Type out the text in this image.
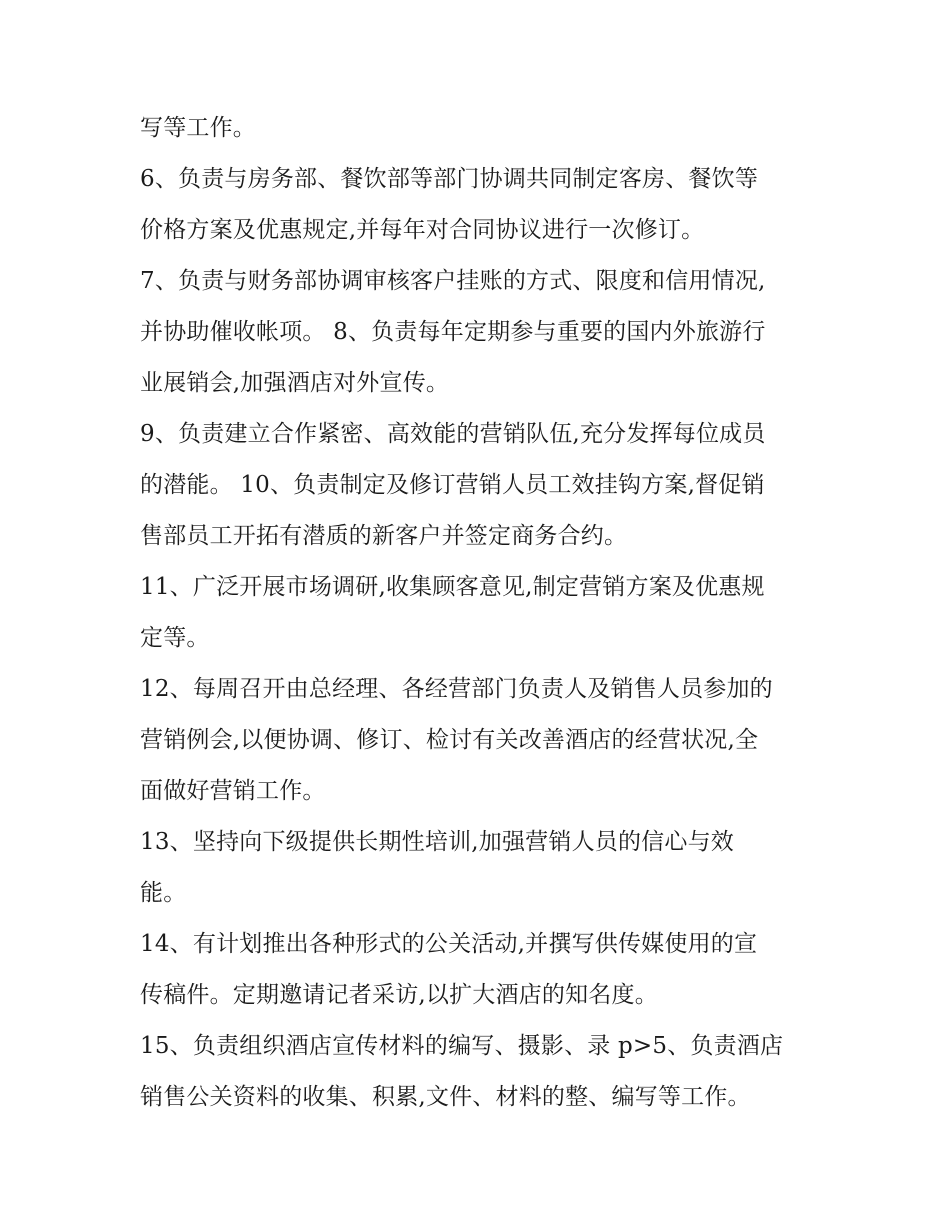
写等工作。
6、负责与房务部、餐饮部等部门协调共同制定客房、餐饮等
价格方案及优惠规定,并每年对合同协议进行一次修订。
7、负责与财务部协调审核客户挂账的方式、限度和信用情况,
并协助催收帐项。 8、负责每年定期参与重要的国内外旅游行
业展销会,加强酒店对外宣传。
9、负责建立合作紧密、高效能的营销队伍,充分发挥每位成员
的潜能。 10、负责制定及修订营销人员工效挂钩方案,督促销
售部员工开拓有潜质的新客户并签定商务合约。
11、广泛开展市场调研,收集顾客意见,制定营销方案及优惠规
定等。
12、每周召开由总经理、各经营部门负责人及销售人员参加的
营销例会,以便协调、修订、检讨有关改善酒店的经营状况,全
面做好营销工作。
13、坚持向下级提供长期性培训,加强营销人员的信心与效
能。
14、有计划推出各种形式的公关活动,并撰写供传媒使用的宣
传稿件。定期邀请记者采访,以扩大酒店的知名度。
15、负责组织酒店宣传材料的编写、摄影、录 p>5、负责酒店
销售公关资料的收集、积累,文件、材料的整、编写等工作。
